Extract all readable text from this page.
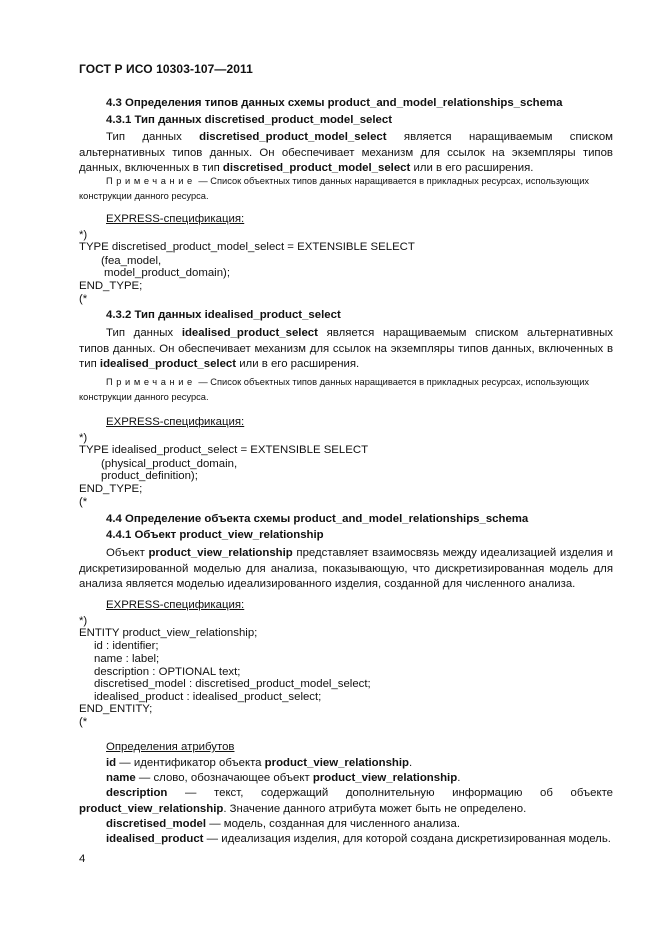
ГОСТ Р ИСО 10303-107—2011
4.3 Определения типов данных схемы product_and_model_relationships_schema
4.3.1 Тип данных discretised_product_model_select
Тип данных discretised_product_model_select является наращиваемым списком альтернативных типов данных. Он обеспечивает механизм для ссылок на экземпляры типов данных, включенных в тип discretised_product_model_select или в его расширения.
Примечание — Список объектных типов данных наращивается в прикладных ресурсах, использующих конструкции данного ресурса.
EXPRESS-спецификация:
*)
TYPE discretised_product_model_select = EXTENSIBLE SELECT
(fea_model,
model_product_domain);
END_TYPE;
(*
4.3.2 Тип данных idealised_product_select
Тип данных idealised_product_select является наращиваемым списком альтернативных типов данных. Он обеспечивает механизм для ссылок на экземпляры типов данных, включенных в тип idealised_product_select или в его расширения.
Примечание — Список объектных типов данных наращивается в прикладных ресурсах, использующих конструкции данного ресурса.
EXPRESS-спецификация:
*)
TYPE idealised_product_select = EXTENSIBLE SELECT
(physical_product_domain,
product_definition);
END_TYPE;
(*
4.4 Определение объекта схемы product_and_model_relationships_schema
4.4.1 Объект product_view_relationship
Объект product_view_relationship представляет взаимосвязь между идеализацией изделия и дискретизированной моделью для анализа, показывающую, что дискретизированная модель для анализа является моделью идеализированного изделия, созданной для численного анализа.
EXPRESS-спецификация:
*)
ENTITY product_view_relationship;
id : identifier;
name : label;
description : OPTIONAL text;
discretised_model : discretised_product_model_select;
idealised_product : idealised_product_select;
END_ENTITY;
(*
Определения атрибутов
id — идентификатор объекта product_view_relationship.
name — слово, обозначающее объект product_view_relationship.
description — текст, содержащий дополнительную информацию об объекте product_view_relationship. Значение данного атрибута может быть не определено.
discretised_model — модель, созданная для численного анализа.
idealised_product — идеализация изделия, для которой создана дискретизированная модель.
4
